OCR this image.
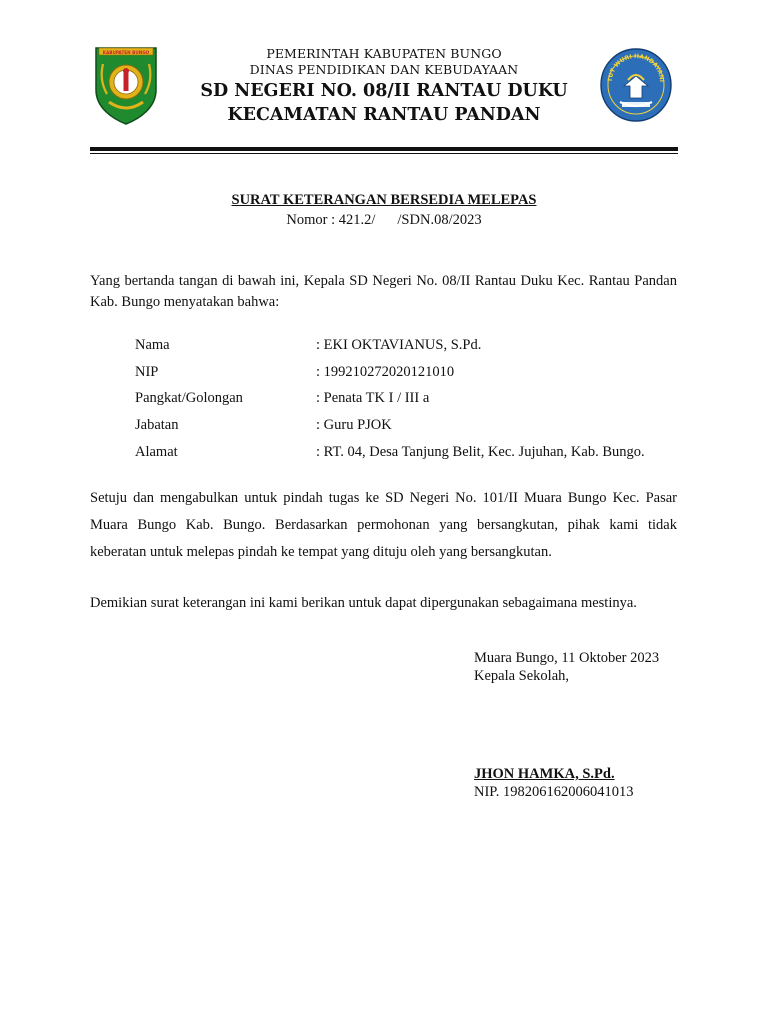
KABUPATEN BUNGO	PEMERINTAH KABUPATEN BUNGO
DINAS PENDIDIKAN DAN KEBUDAYAAN
SD NEGERI NO. 08/II RANTAU DUKU
KECAMATAN RANTAU PANDAN
TUT WURI HANDAYANI
SURAT KETERANGAN BERSEDIA MELEPAS
Nomor : 421.2/ /SDN.08/2023
Yang bertanda tangan di bawah ini, Kepala SD Negeri No. 08/II Rantau Duku Kec. Rantau Pandan Kab. Bungo menyatakan bahwa:
Nama	: EKI OKTAVIANUS, S.Pd.
NIP	: 199210272020121010
Pangkat/Golongan	: Penata TK I / III a
Jabatan	: Guru PJOK
Alamat	: RT. 04, Desa Tanjung Belit, Kec. Jujuhan, Kab. Bungo.
Setuju dan mengabulkan untuk pindah tugas ke SD Negeri No. 101/II Muara Bungo Kec. Pasar Muara Bungo Kab. Bungo. Berdasarkan permohonan yang bersangkutan, pihak kami tidak keberatan untuk melepas pindah ke tempat yang dituju oleh yang bersangkutan.
Demikian surat keterangan ini kami berikan untuk dapat dipergunakan sebagaimana mestinya.
Muara Bungo, 11 Oktober 2023
Kepala Sekolah,
JHON HAMKA, S.Pd.
NIP. 198206162006041013
